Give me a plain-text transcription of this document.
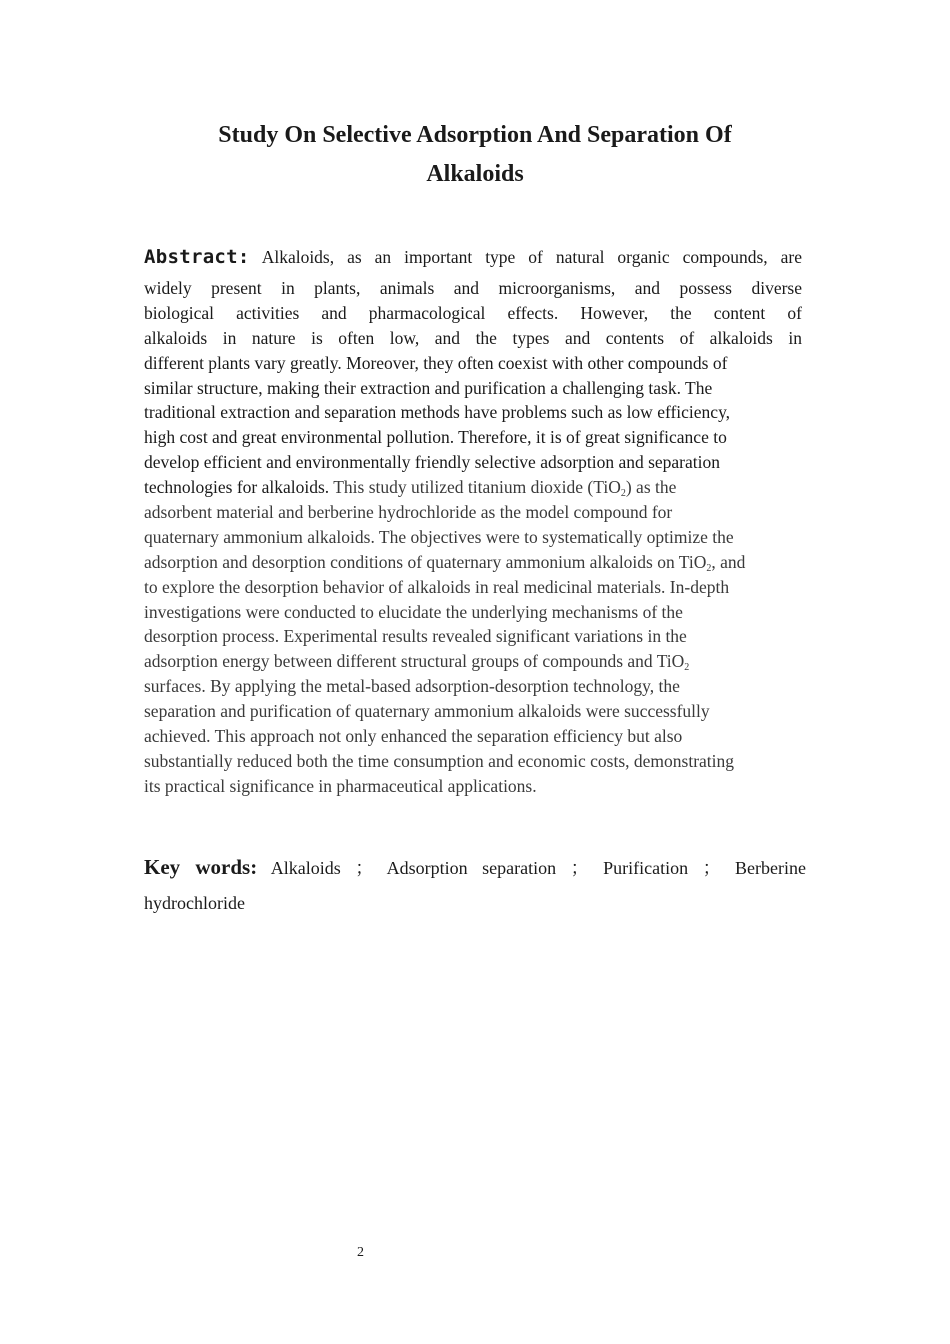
Study On Selective Adsorption And Separation Of
Alkaloids
Abstract: Alkaloids, as an important type of natural organic compounds, are
widely present in plants, animals and microorganisms, and possess diverse
biological activities and pharmacological effects. However, the content of
alkaloids in nature is often low, and the types and contents of alkaloids in
different plants vary greatly. Moreover, they often coexist with other compounds of
similar structure, making their extraction and purification a challenging task. The
traditional extraction and separation methods have problems such as low efficiency,
high cost and great environmental pollution. Therefore, it is of great significance to
develop efficient and environmentally friendly selective adsorption and separation
technologies for alkaloids. This study utilized titanium dioxide (TiO$_2$) as the
adsorbent material and berberine hydrochloride as the model compound for
quaternary ammonium alkaloids. The objectives were to systematically optimize the
adsorption and desorption conditions of quaternary ammonium alkaloids on TiO$_2$, and
to explore the desorption behavior of alkaloids in real medicinal materials. In-depth
investigations were conducted to elucidate the underlying mechanisms of the
desorption process. Experimental results revealed significant variations in the
adsorption energy between different structural groups of compounds and TiO$_2$
surfaces. By applying the metal-based adsorption-desorption technology, the
separation and purification of quaternary ammonium alkaloids were successfully
achieved. This approach not only enhanced the separation efficiency but also
substantially reduced both the time consumption and economic costs, demonstrating
its practical significance in pharmaceutical applications.
Key words: Alkaloids ； Adsorption separation ； Purification ； Berberine
hydrochloride
2
